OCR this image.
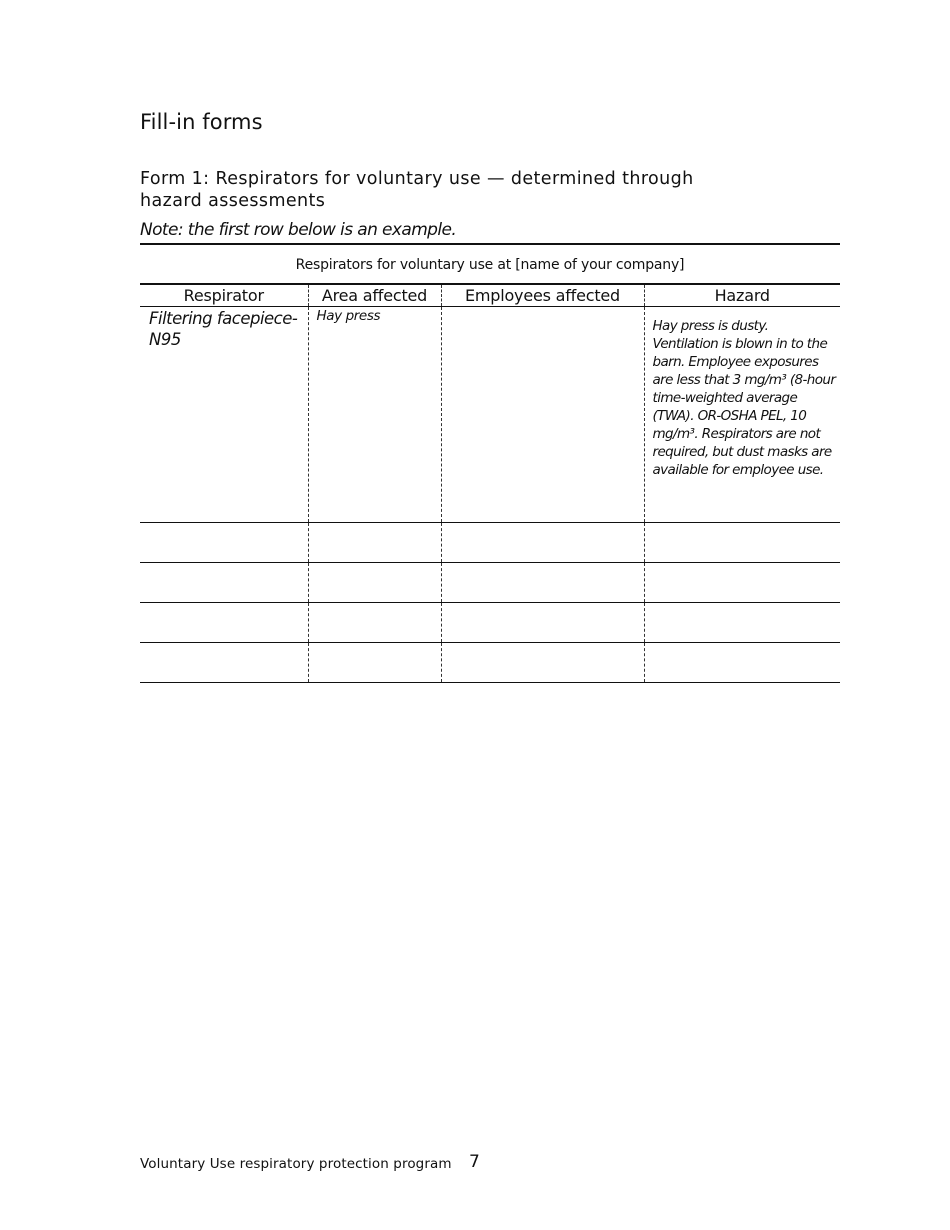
Fill-in forms
Form 1: Respirators for voluntary use — determined through hazard assessments

Note: the first row below is an example.

Respirators for voluntary use at [name of your company]
Respirator	Area affected	Employees affected	Hazard
Filtering facepiece-N95	Hay press		Hay press is dusty. Ventilation is blown in to the barn. Employee exposures are less that 3 mg/m³ (8-hour time-weighted average (TWA). OR-OSHA PEL, 10 mg/m³. Respirators are not required, but dust masks are available for employee use.

Voluntary Use respiratory protection program 7
